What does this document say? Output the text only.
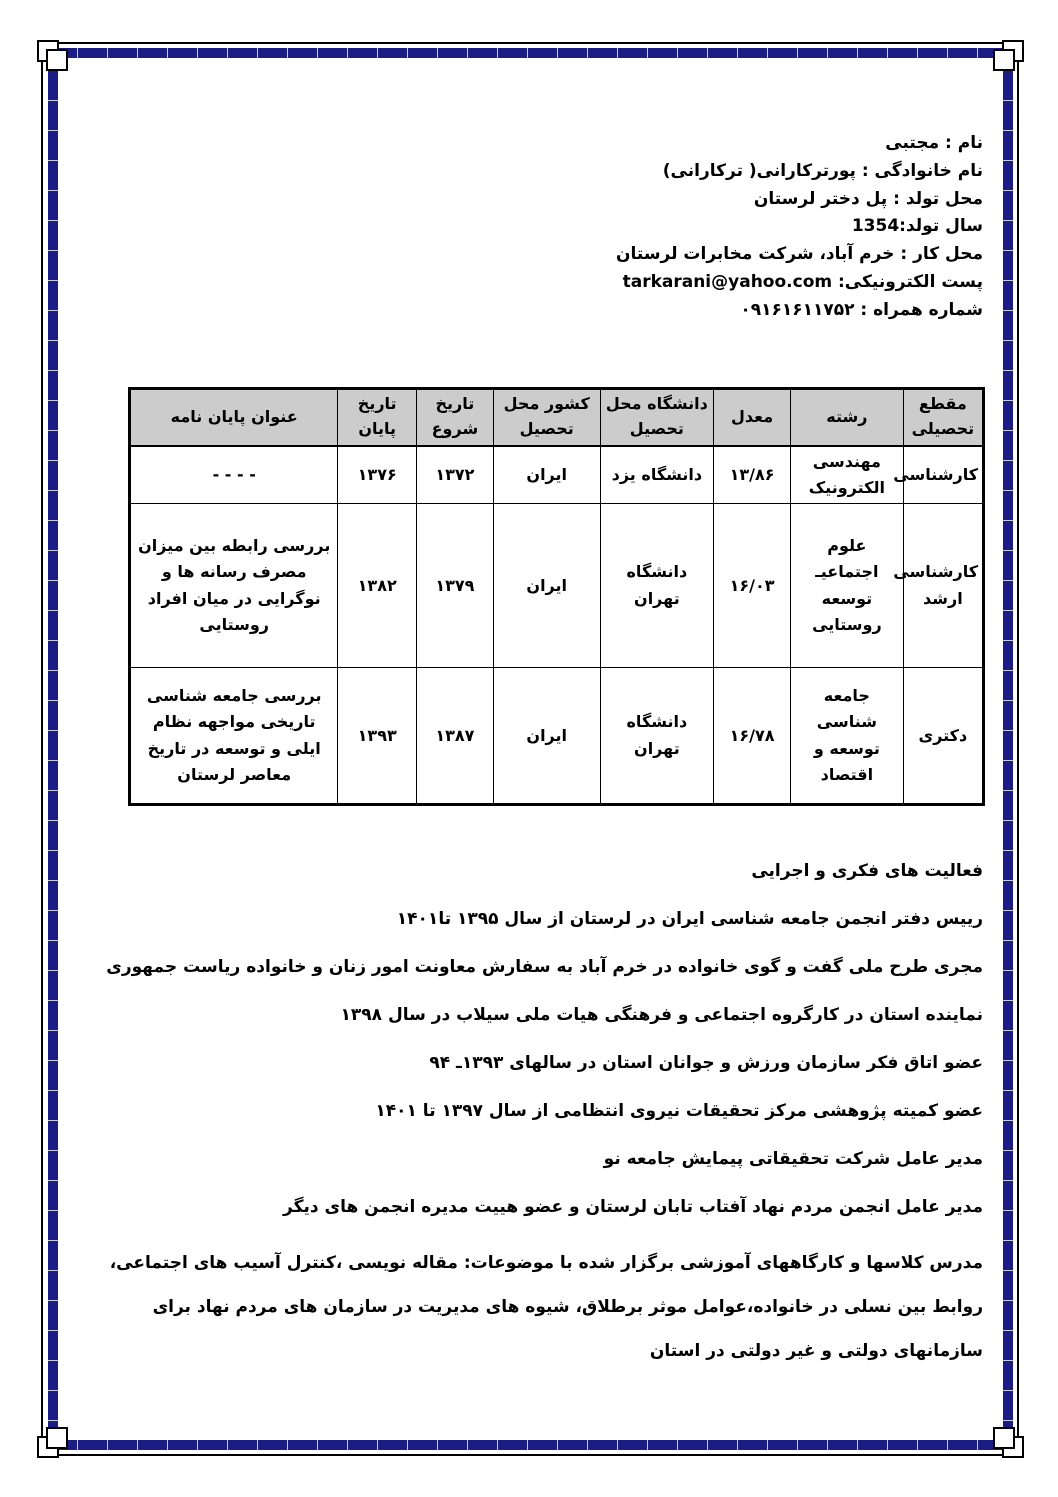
نام : مجتبی
نام خانوادگی : پورترکارانی( ترکارانی)
محل تولد : پل دختر لرستان
سال تولد:1354
محل کار : خرم آباد، شرکت مخابرات لرستان
پست الکترونیکی: tarkarani@yahoo.com
شماره همراه : ۰۹۱۶۱۶۱۱۷۵۲
مقطع تحصیلی	رشته	معدل	دانشگاه محل تحصیل	کشور محل تحصیل	تاریخ شروع	تاریخ پایان	عنوان پایان نامه
کارشناسی	مهندسی الکترونیک	۱۳/۸۶	دانشگاه یزد	ایران	۱۳۷۲	۱۳۷۶	- - - -
کارشناسی ارشد	علوم اجتماعیـ توسعه روستایی	۱۶/۰۳	دانشگاه تهران	ایران	۱۳۷۹	۱۳۸۲	بررسی رابطه بین میزان مصرف رسانه ها و نوگرایی در میان افراد روستایی
دکتری	جامعه شناسی توسعه و اقتصاد	۱۶/۷۸	دانشگاه تهران	ایران	۱۳۸۷	۱۳۹۳	بررسی جامعه شناسی تاریخی مواجهه نظام ایلی و توسعه در تاریخ معاصر لرستان
فعالیت های فکری و اجرایی
رییس دفتر انجمن جامعه شناسی ایران در لرستان از سال ۱۳۹۵ تا۱۴۰۱
مجری طرح ملی گفت و گوی خانواده در خرم آباد به سفارش معاونت امور زنان و خانواده ریاست جمهوری
نماینده استان در کارگروه اجتماعی و فرهنگی هیات ملی سیلاب در سال ۱۳۹۸
عضو اتاق فکر سازمان ورزش و جوانان استان در سالهای ۱۳۹۳ـ ۹۴
عضو کمیته پژوهشی مرکز تحقیقات نیروی انتظامی از سال ۱۳۹۷ تا ۱۴۰۱
مدیر عامل شرکت تحقیقاتی پیمایش جامعه نو
مدیر عامل انجمن مردم نهاد آفتاب تابان لرستان و عضو هییت مدیره انجمن های دیگر
مدرس کلاسها و کارگاههای آموزشی برگزار شده با موضوعات: مقاله نویسی ،کنترل آسیب های اجتماعی، روابط بین نسلی در خانواده،عوامل موثر برطلاق، شیوه های مدیریت در سازمان های مردم نهاد برای سازمانهای دولتی و غیر دولتی در استان
